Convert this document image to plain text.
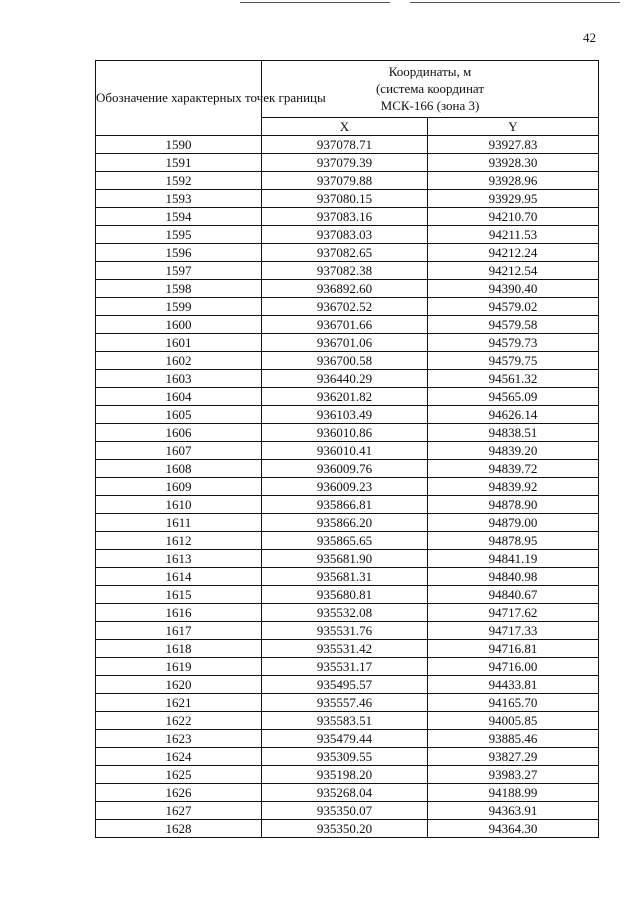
42
Обозначение характерных точек границы	Координаты, м
(система координат
МСК-166 (зона 3)	

	X	Y
1590	937078.71	93927.83
1591	937079.39	93928.30
1592	937079.88	93928.96
1593	937080.15	93929.95
1594	937083.16	94210.70
1595	937083.03	94211.53
1596	937082.65	94212.24
1597	937082.38	94212.54
1598	936892.60	94390.40
1599	936702.52	94579.02
1600	936701.66	94579.58
1601	936701.06	94579.73
1602	936700.58	94579.75
1603	936440.29	94561.32
1604	936201.82	94565.09
1605	936103.49	94626.14
1606	936010.86	94838.51
1607	936010.41	94839.20
1608	936009.76	94839.72
1609	936009.23	94839.92
1610	935866.81	94878.90
1611	935866.20	94879.00
1612	935865.65	94878.95
1613	935681.90	94841.19
1614	935681.31	94840.98
1615	935680.81	94840.67
1616	935532.08	94717.62
1617	935531.76	94717.33
1618	935531.42	94716.81
1619	935531.17	94716.00
1620	935495.57	94433.81
1621	935557.46	94165.70
1622	935583.51	94005.85
1623	935479.44	93885.46
1624	935309.55	93827.29
1625	935198.20	93983.27
1626	935268.04	94188.99
1627	935350.07	94363.91
1628	935350.20	94364.30
